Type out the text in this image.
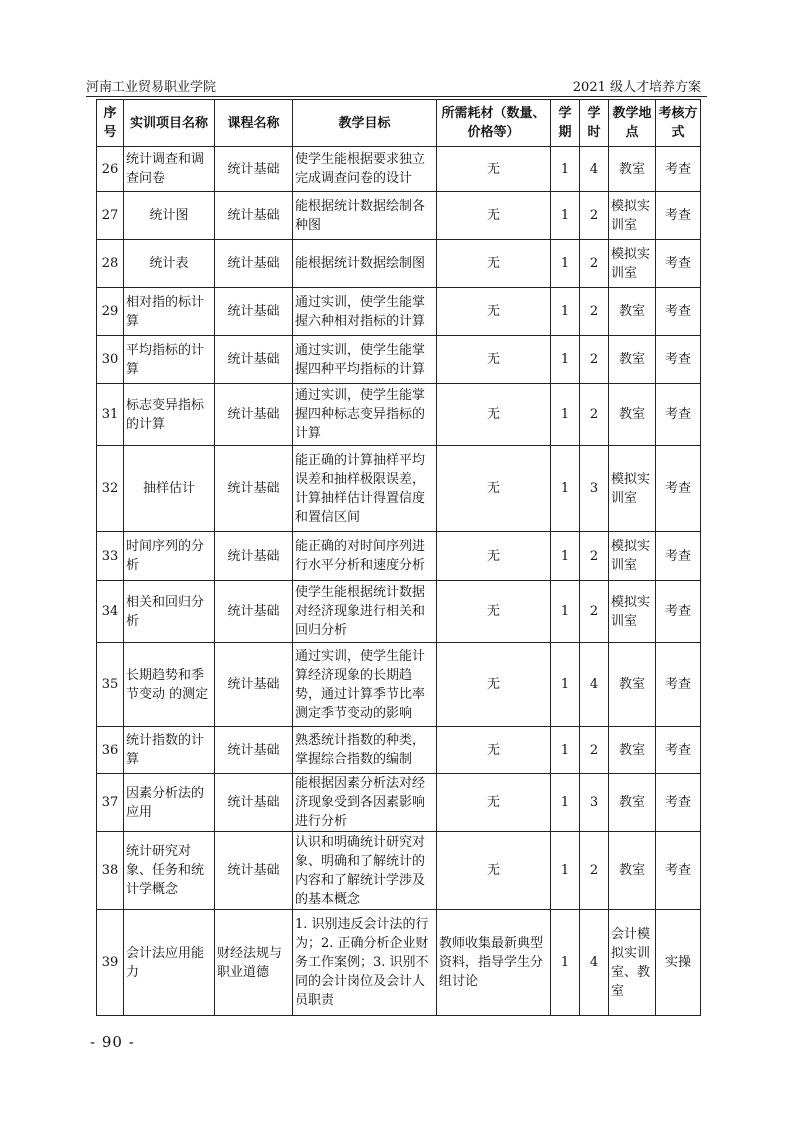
河南工业贸易职业学院	2021 级人才培养方案
序号	实训项目名称	课程名称	教学目标	所需耗材（数量、价格等）	学期	学时	教学地点	考核方式
26	统计调查和调查问卷	统计基础	使学生能根据要求独立完成调查问卷的设计	无	1	4	教室	考查
27	统计图	统计基础	能根据统计数据绘制各种图	无	1	2	模拟实训室	考查
28	统计表	统计基础	能根据统计数据绘制图	无	1	2	模拟实训室	考查
29	相对指的标计算	统计基础	通过实训，使学生能掌握六种相对指标的计算	无	1	2	教室	考查
30	平均指标的计算	统计基础	通过实训，使学生能掌握四种平均指标的计算	无	1	2	教室	考查
31	标志变异指标的计算	统计基础	通过实训，使学生能掌握四种标志变异指标的计算	无	1	2	教室	考查
32	抽样估计	统计基础	能正确的计算抽样平均误差和抽样极限误差，计算抽样估计得置信度和置信区间	无	1	3	模拟实训室	考查
33	时间序列的分析	统计基础	能正确的对时间序列进行水平分析和速度分析	无	1	2	模拟实训室	考查
34	相关和回归分析	统计基础	使学生能根据统计数据对经济现象进行相关和回归分析	无	1	2	模拟实训室	考查
35	长期趋势和季节变动 的测定	统计基础	通过实训，使学生能计算经济现象的长期趋势，通过计算季节比率测定季节变动的影响	无	1	4	教室	考查
36	统计指数的计算	统计基础	熟悉统计指数的种类，掌握综合指数的编制	无	1	2	教室	考查
37	因素分析法的应用	统计基础	能根据因素分析法对经济现象受到各因素影响进行分析	无	1	3	教室	考查
38	统计研究对象、任务和统计学概念	统计基础	认识和明确统计研究对象、明确和了解统计的内容和了解统计学涉及的基本概念	无	1	2	教室	考查
39	会计法应用能力	财经法规与职业道德	1. 识别违反会计法的行为；2. 正确分析企业财务工作案例；3. 识别不同的会计岗位及会计人员职责	教师收集最新典型资料，指导学生分组讨论	1	4	会计模拟实训室、教室	实操
- 90 -
